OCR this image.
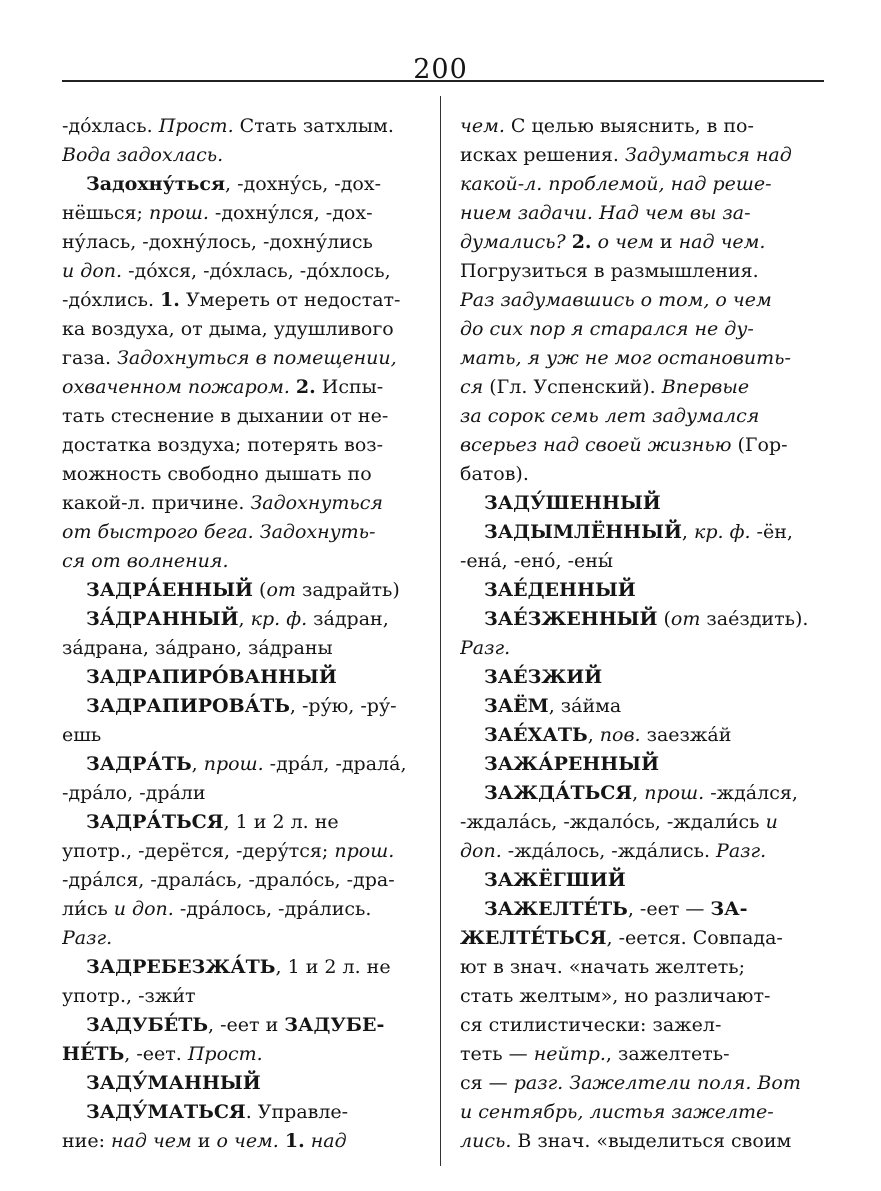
200
-до́хлась. Прост. Стать затхлым.
Вода задохлась.
Задохну́ться, -дохну́сь, -дох-
нёшься; прош. -дохну́лся, -дох-
ну́лась, -дохну́лось, -дохну́лись
и доп. -до́хся, -до́хлась, -до́хлось,
-до́хлись. 1. Умереть от недостат-
ка воздуха, от дыма, удушливого
газа. Задохнуться в помещении,
охваченном пожаром. 2. Испы-
тать стеснение в дыхании от не-
достатка воздуха; потерять воз-
можность свободно дышать по
какой-л. причине. Задохнуться
от быстрого бега. Задохнуть-
ся от волнения.
ЗАДРА́ЕННЫЙ (от задрайть)
ЗА́ДРАННЫЙ, кр. ф. за́дран,
за́драна, за́драно, за́драны
ЗАДРАПИРО́ВАННЫЙ
ЗАДРАПИРОВА́ТЬ, -ру́ю, -ру́-
ешь
ЗАДРА́ТЬ, прош. -дра́л, -драла́,
-дра́ло, -дра́ли
ЗАДРА́ТЬСЯ, 1 и 2 л. не
употр., -дерётся, -деру́тся; прош.
-дра́лся, -драла́сь, -драло́сь, -дра-
ли́сь и доп. -дра́лось, -дра́лись.
Разг.
ЗАДРЕБЕЗЖА́ТЬ, 1 и 2 л. не
употр., -зжи́т
ЗАДУБЕ́ТЬ, -еет и ЗАДУБЕ-
НЕ́ТЬ, -еет. Прост.
ЗАДУ́МАННЫЙ
ЗАДУ́МАТЬСЯ. Управле-
ние: над чем и о чем. 1. над
чем. С целью выяснить, в по-
исках решения. Задуматься над
какой-л. проблемой, над реше-
нием задачи. Над чем вы за-
думались? 2. о чем и над чем.
Погрузиться в размышления.
Раз задумавшись о том, о чем
до сих пор я старался не ду-
мать, я уж не мог остановить-
ся (Гл. Успенский). Впервые
за сорок семь лет задумался
всерьез над своей жизнью (Гор-
батов).
ЗАДУ́ШЕННЫЙ
ЗАДЫМЛЁННЫЙ, кр. ф. -ён,
-ена́, -ено́, -ены́
ЗАЕ́ДЕННЫЙ
ЗАЕ́ЗЖЕННЫЙ (от зае́здить).
Разг.
ЗАЕ́ЗЖИЙ
ЗАЁМ, за́йма
ЗАЕ́ХАТЬ, пов. заезжа́й
ЗАЖА́РЕННЫЙ
ЗАЖДА́ТЬСЯ, прош. -жда́лся,
-ждала́сь, -ждало́сь, -ждали́сь и
доп. -жда́лось, -жда́лись. Разг.
ЗАЖЁГШИЙ
ЗАЖЕЛТЕ́ТЬ, -еет — ЗА-
ЖЕЛТЕ́ТЬСЯ, -еется. Совпада-
ют в знач. «начать желтеть;
стать желтым», но различают-
ся стилистически: зажел-
теть — нейтр., зажелтеть-
ся — разг. Зажелтели поля. Вот
и сентябрь, листья зажелте-
лись. В знач. «выделиться своим
